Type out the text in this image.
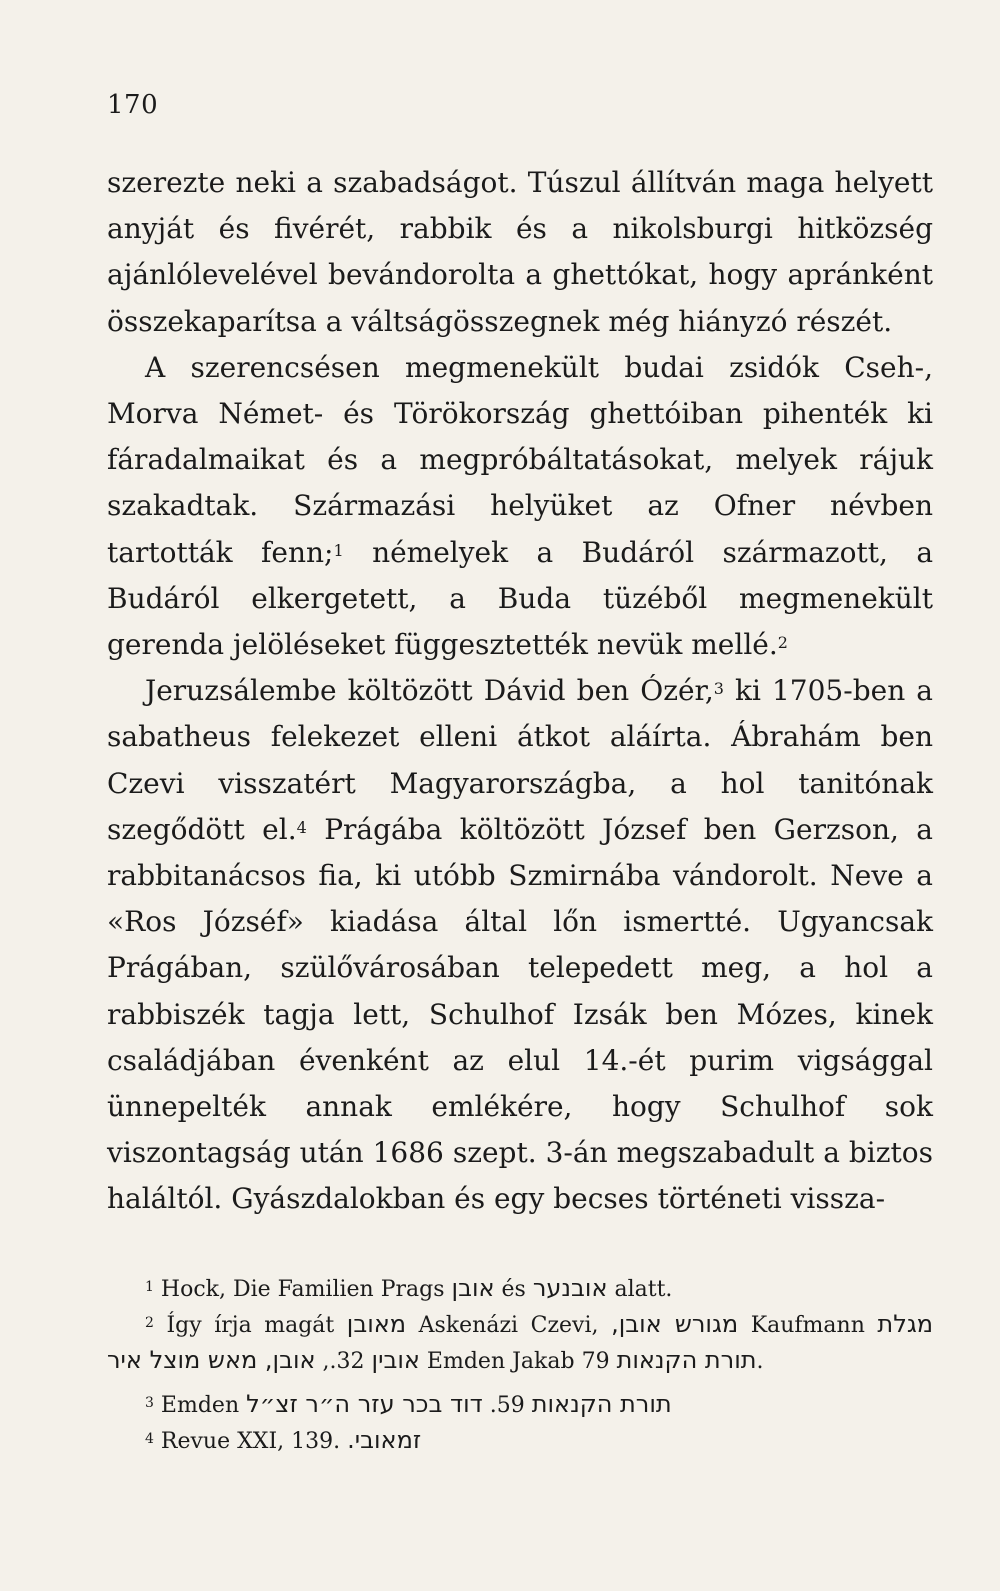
170

szerezte neki a szabadságot. Túszul állítván maga helyett anyját és fivérét, rabbik és a nikolsburgi hitközség ajánlólevelével bevándorolta a ghettókat, hogy apránként összekaparítsa a váltságösszegnek még hiányzó részét.

A szerencsésen megmenekült budai zsidók Cseh-, Morva Német- és Törökország ghettóiban pihenték ki fáradalmaikat és a megpróbáltatásokat, melyek rájuk szakadtak. Származási helyüket az Ofner névben tartották fenn;$^1$ némelyek a Budáról származott, a Budáról elkergetett, a Buda tüzéből megmenekült gerenda jelöléseket függesztették nevük mellé.$^2$

Jeruzsálembe költözött Dávid ben Ózér,$^3$ ki 1705-ben a sabatheus felekezet elleni átkot aláírta. Ábrahám ben Czevi visszatért Magyarországba, a hol tanitónak szegődött el.$^4$ Prágába költözött József ben Gerzson, a rabbitanácsos fia, ki utóbb Szmirnába vándorolt. Neve a «Ros Józséf» kiadása által lőn ismertté. Ugyancsak Prágában, szülővárosában telepedett meg, a hol a rabbiszék tagja lett, Schulhof Izsák ben Mózes, kinek családjában évenként az elul 14.-ét purim vigsággal ünnepelték annak emlékére, hogy Schulhof sok viszontagság után 1686 szept. 3-án megszabadult a biztos haláltól. Gyászdalokban és egy becses történeti vissza-

$^1$ Hock, Die Familien Prags אובן és אובנער alatt.

$^2$ Így írja magát מאובן Askenázi Czevi, מגורש אובן, Kaufmann מגלת אובין 32., אובן, מאש מוצל איר	Emden Jakab תורת הקנאות 79.

$^3$ Emden	תורת הקנאות 59. דוד בכר עזר ה״ר זצ״ל

$^4$ Revue XXI, 139. זמאובי.
